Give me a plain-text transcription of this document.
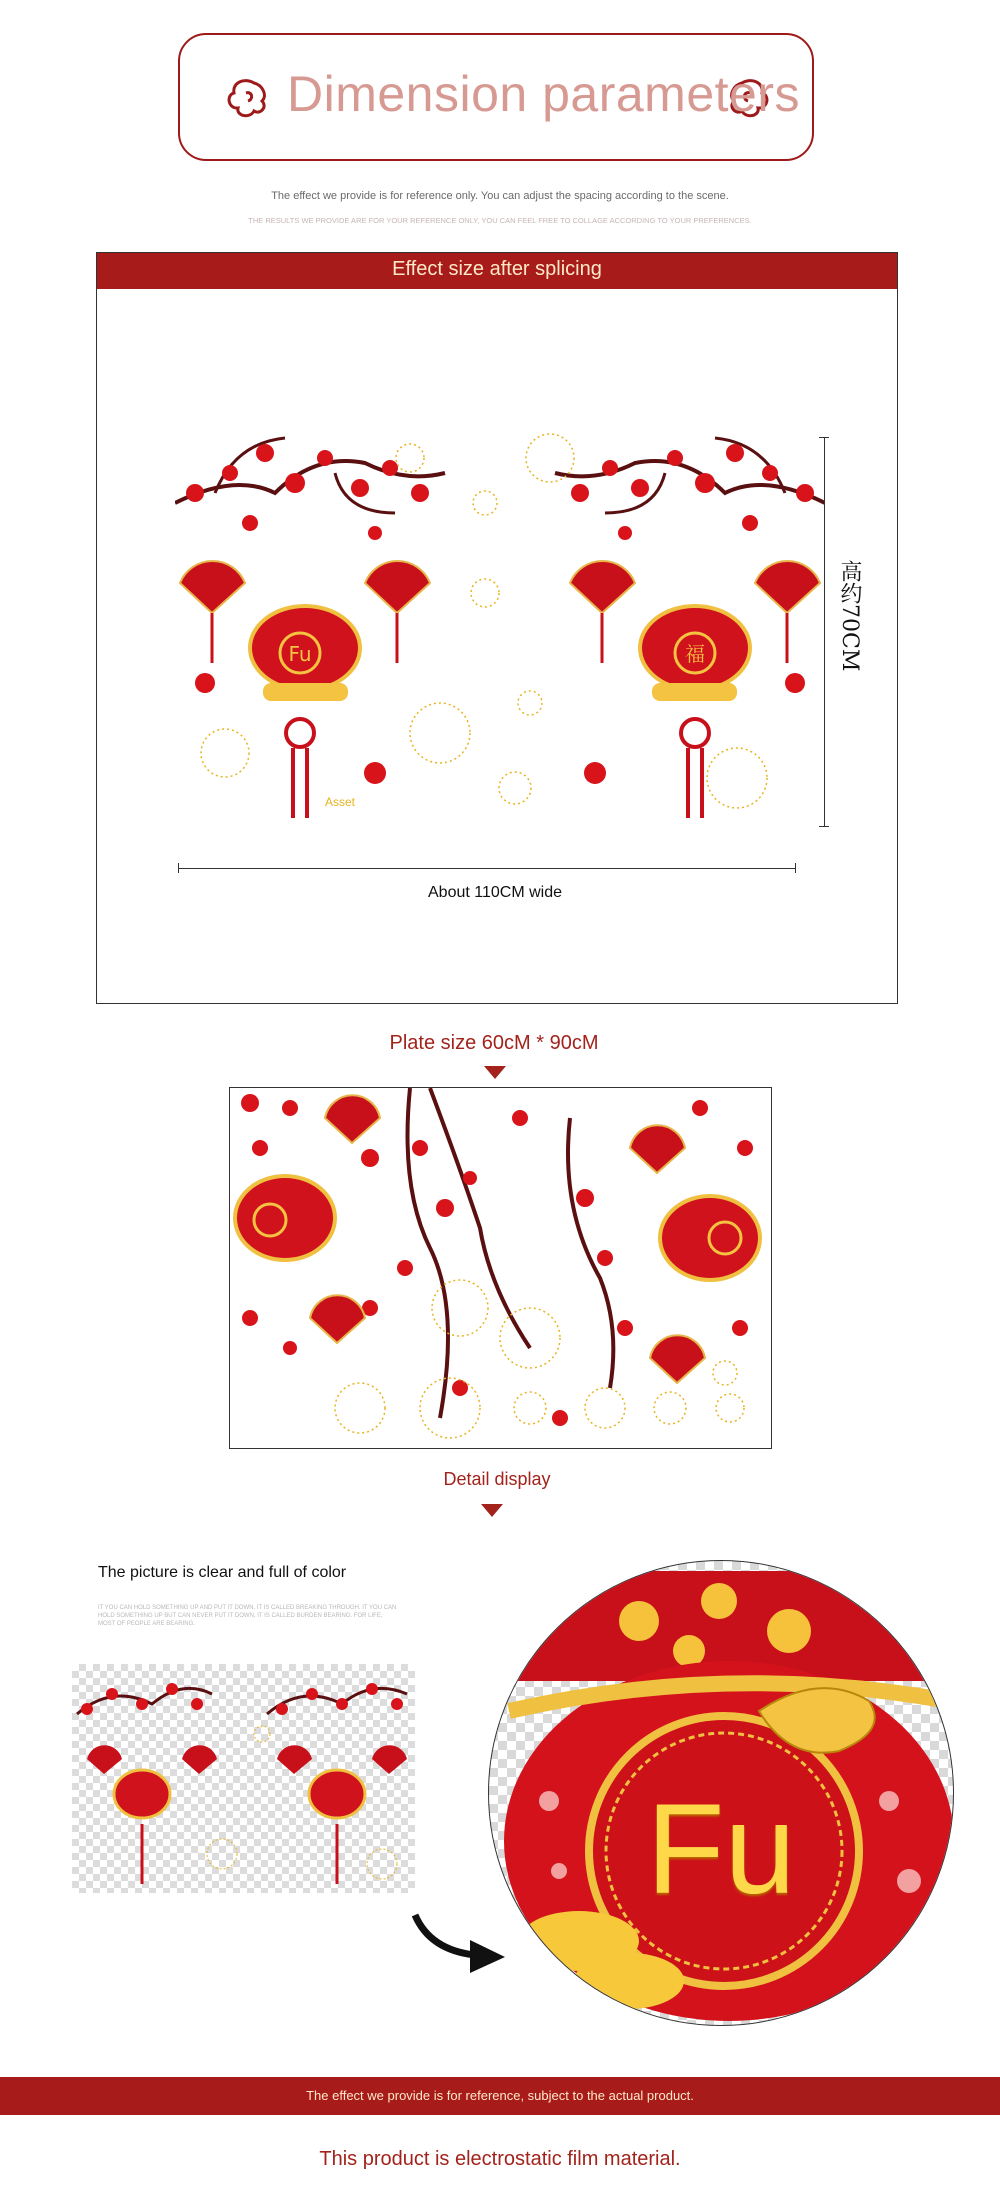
Dimension parameters
The effect we provide is for reference only. You can adjust the spacing according to the scene.
THE RESULTS WE PROVIDE ARE FOR YOUR REFERENCE ONLY, YOU CAN FEEL FREE TO COLLAGE ACCORDING TO YOUR PREFERENCES.
Effect size after splicing
Fu	福
Asset
高约70CM
About 110CM wide
Plate size 60cM * 90cM
Detail display
The picture is clear and full of color
IT YOU CAN HOLD SOMETHING UP AND PUT IT DOWN, IT IS CALLED BREAKING THROUGH. IT YOU CAN HOLD SOMETHING UP BUT CAN NEVER PUT IT DOWN, IT IS CALLED BURDEN BEARING. FOR LIFE, MOST OF PEOPLE ARE BEARING.
Fu
The effect we provide is for reference, subject to the actual product.
This product is electrostatic film material.
